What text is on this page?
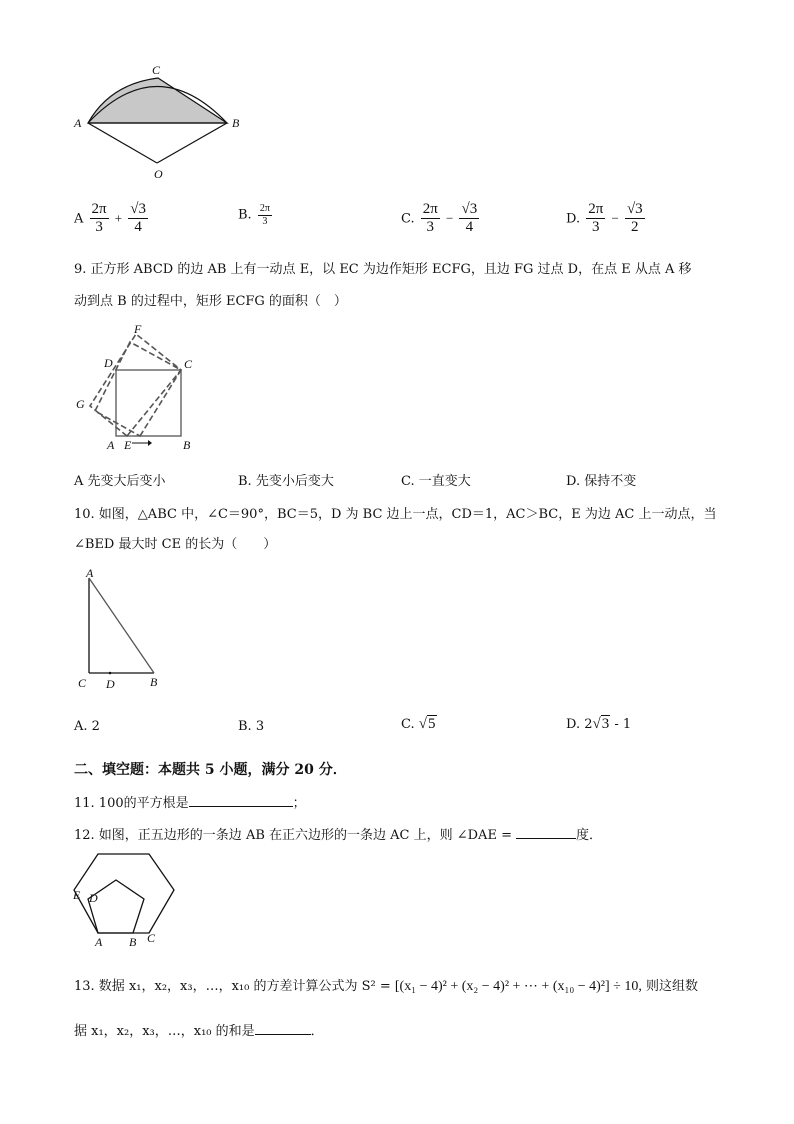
C
A	B
O
A $\frac{2\pi}{3} + \frac{√3}{4}$	B. $\frac{2\pi}{3}$	C. $\frac{2\pi}{3} - \frac{√3}{4}$	D. $\frac{2\pi}{3} - \frac{√3}{2}$
9. 正方形 ABCD 的边 AB 上有一动点 E，以 EC 为边作矩形 ECFG，且边 FG 过点 D，在点 E 从点 A 移
动到点 B 的过程中，矩形 ECFG 的面积（　）
F
D	C
G
A E	B
A 先变大后变小	B. 先变小后变大	C. 一直变大	D. 保持不变
10. 如图，△ABC 中，∠C＝90°，BC＝5，D 为 BC 边上一点，CD＝1，AC＞BC，E 为边 AC 上一动点，当
∠BED 最大时 CE 的长为（　　）
A
C D	B
A. 2	B. 3	C. √5	D. 2√3 - 1
二、填空题：本题共 5 小题，满分 20 分．
11. 100的平方根是	；
12. 如图，正五边形的一条边 AB 在正六边形的一条边 AC 上，则 ∠DAE =	度．
E D
A B C
13. 数据 x₁，x₂，x₃，…，x₁₀ 的方差计算公式为 S² = [(x₁ − 4)² + (x₂ − 4)² + ⋯ + (x₁₀ − 4)²] ÷ 10, 则这组数
据 x₁，x₂，x₃，…，x₁₀ 的和是	．
